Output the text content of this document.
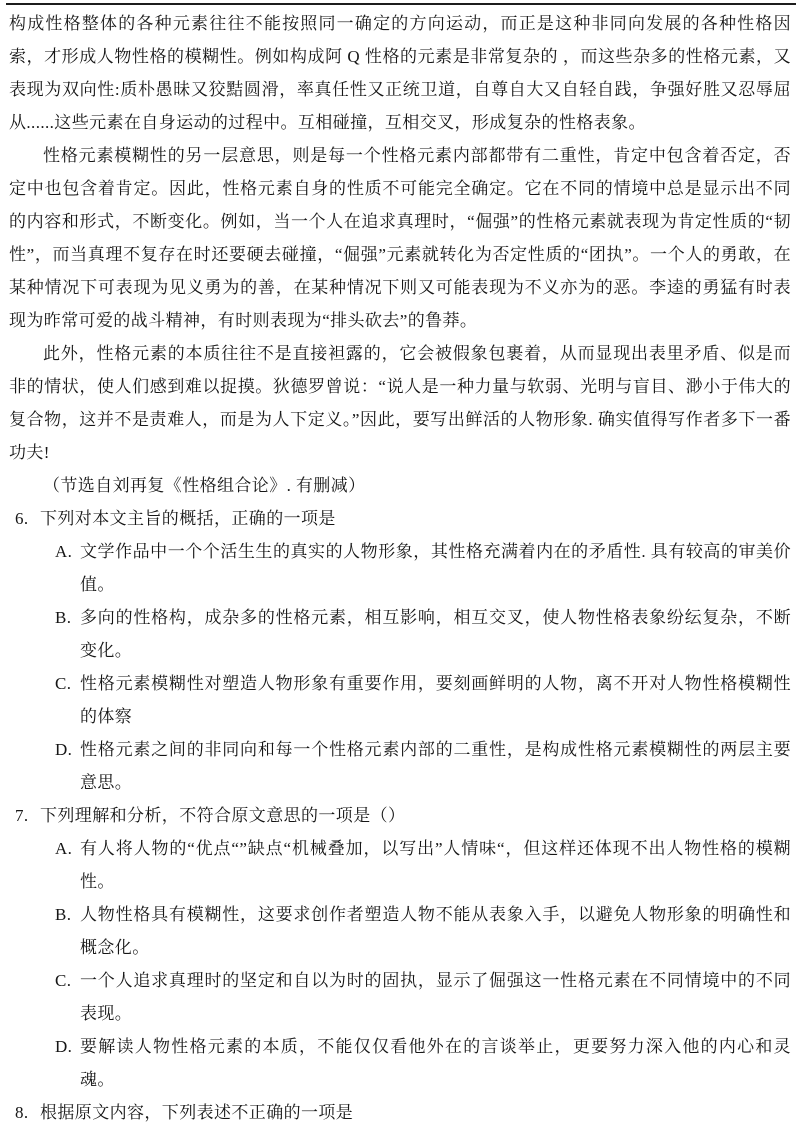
构成性格整体的各种元素往往不能按照同一确定的方向运动，而正是这种非同向发展的各种性格因索，才形成人物性格的模糊性。例如构成阿 Q 性格的元素是非常复杂的 ，而这些杂多的性格元素，又表现为双向性:质朴愚昧又狡黠圆滑，率真任性又正统卫道，自尊自大又自轻自践，争强好胜又忍辱屈从......这些元素在自身运动的过程中。互相碰撞，互相交叉，形成复杂的性格表象。

性格元素模糊性的另一层意思，则是每一个性格元素内部都带有二重性，肯定中包含着否定，否定中也包含着肯定。因此，性格元素自身的性质不可能完全确定。它在不同的情境中总是显示出不同的内容和形式，不断变化。例如，当一个人在追求真理时，“倔强”的性格元素就表现为肯定性质的“韧性”，而当真理不复存在时还要硬去碰撞，“倔强”元素就转化为否定性质的“团执”。一个人的勇敢，在某种情况下可表现为见义勇为的善，在某种情况下则又可能表现为不义亦为的恶。李逵的勇猛有时表现为昨常可爱的战斗精神，有时则表现为“排头砍去”的鲁莽。

此外，性格元素的本质往往不是直接袒露的，它会被假象包裹着，从而显现出表里矛盾、似是而非的情状，使人们感到难以捉摸。狄德罗曾说：“说人是一种力量与软弱、光明与盲目、渺小于伟大的复合物，这并不是责难人，而是为人下定义。”因此，要写出鲜活的人物形象. 确实值得写作者多下一番功夫!

（节选自刘再复《性格组合论》. 有删减）

6. 下列对本文主旨的概括，正确的一项是
A. 文学作品中一个个活生生的真实的人物形象，其性格充满着内在的矛盾性. 具有较高的审美价值。
B. 多向的性格构，成杂多的性格元素，相互影响，相互交叉，使人物性格表象纷纭复杂，不断变化。
C. 性格元素模糊性对塑造人物形象有重要作用，要刻画鲜明的人物，离不开对人物性格模糊性的体察
D. 性格元素之间的非同向和每一个性格元素内部的二重性，是构成性格元素模糊性的两层主要意思。
7. 下列理解和分析，不符合原文意思的一项是（）
A. 有人将人物的“优点“”缺点“机械叠加，以写出”人情味“，但这样还体现不出人物性格的模糊性。
B. 人物性格具有模糊性，这要求创作者塑造人物不能从表象入手，以避免人物形象的明确性和概念化。
C. 一个人追求真理时的坚定和自以为时的固执，显示了倔强这一性格元素在不同情境中的不同表现。
D. 要解读人物性格元素的本质，不能仅仅看他外在的言谈举止，更要努力深入他的内心和灵魂。
8. 根据原文内容，下列表述不正确的一项是
